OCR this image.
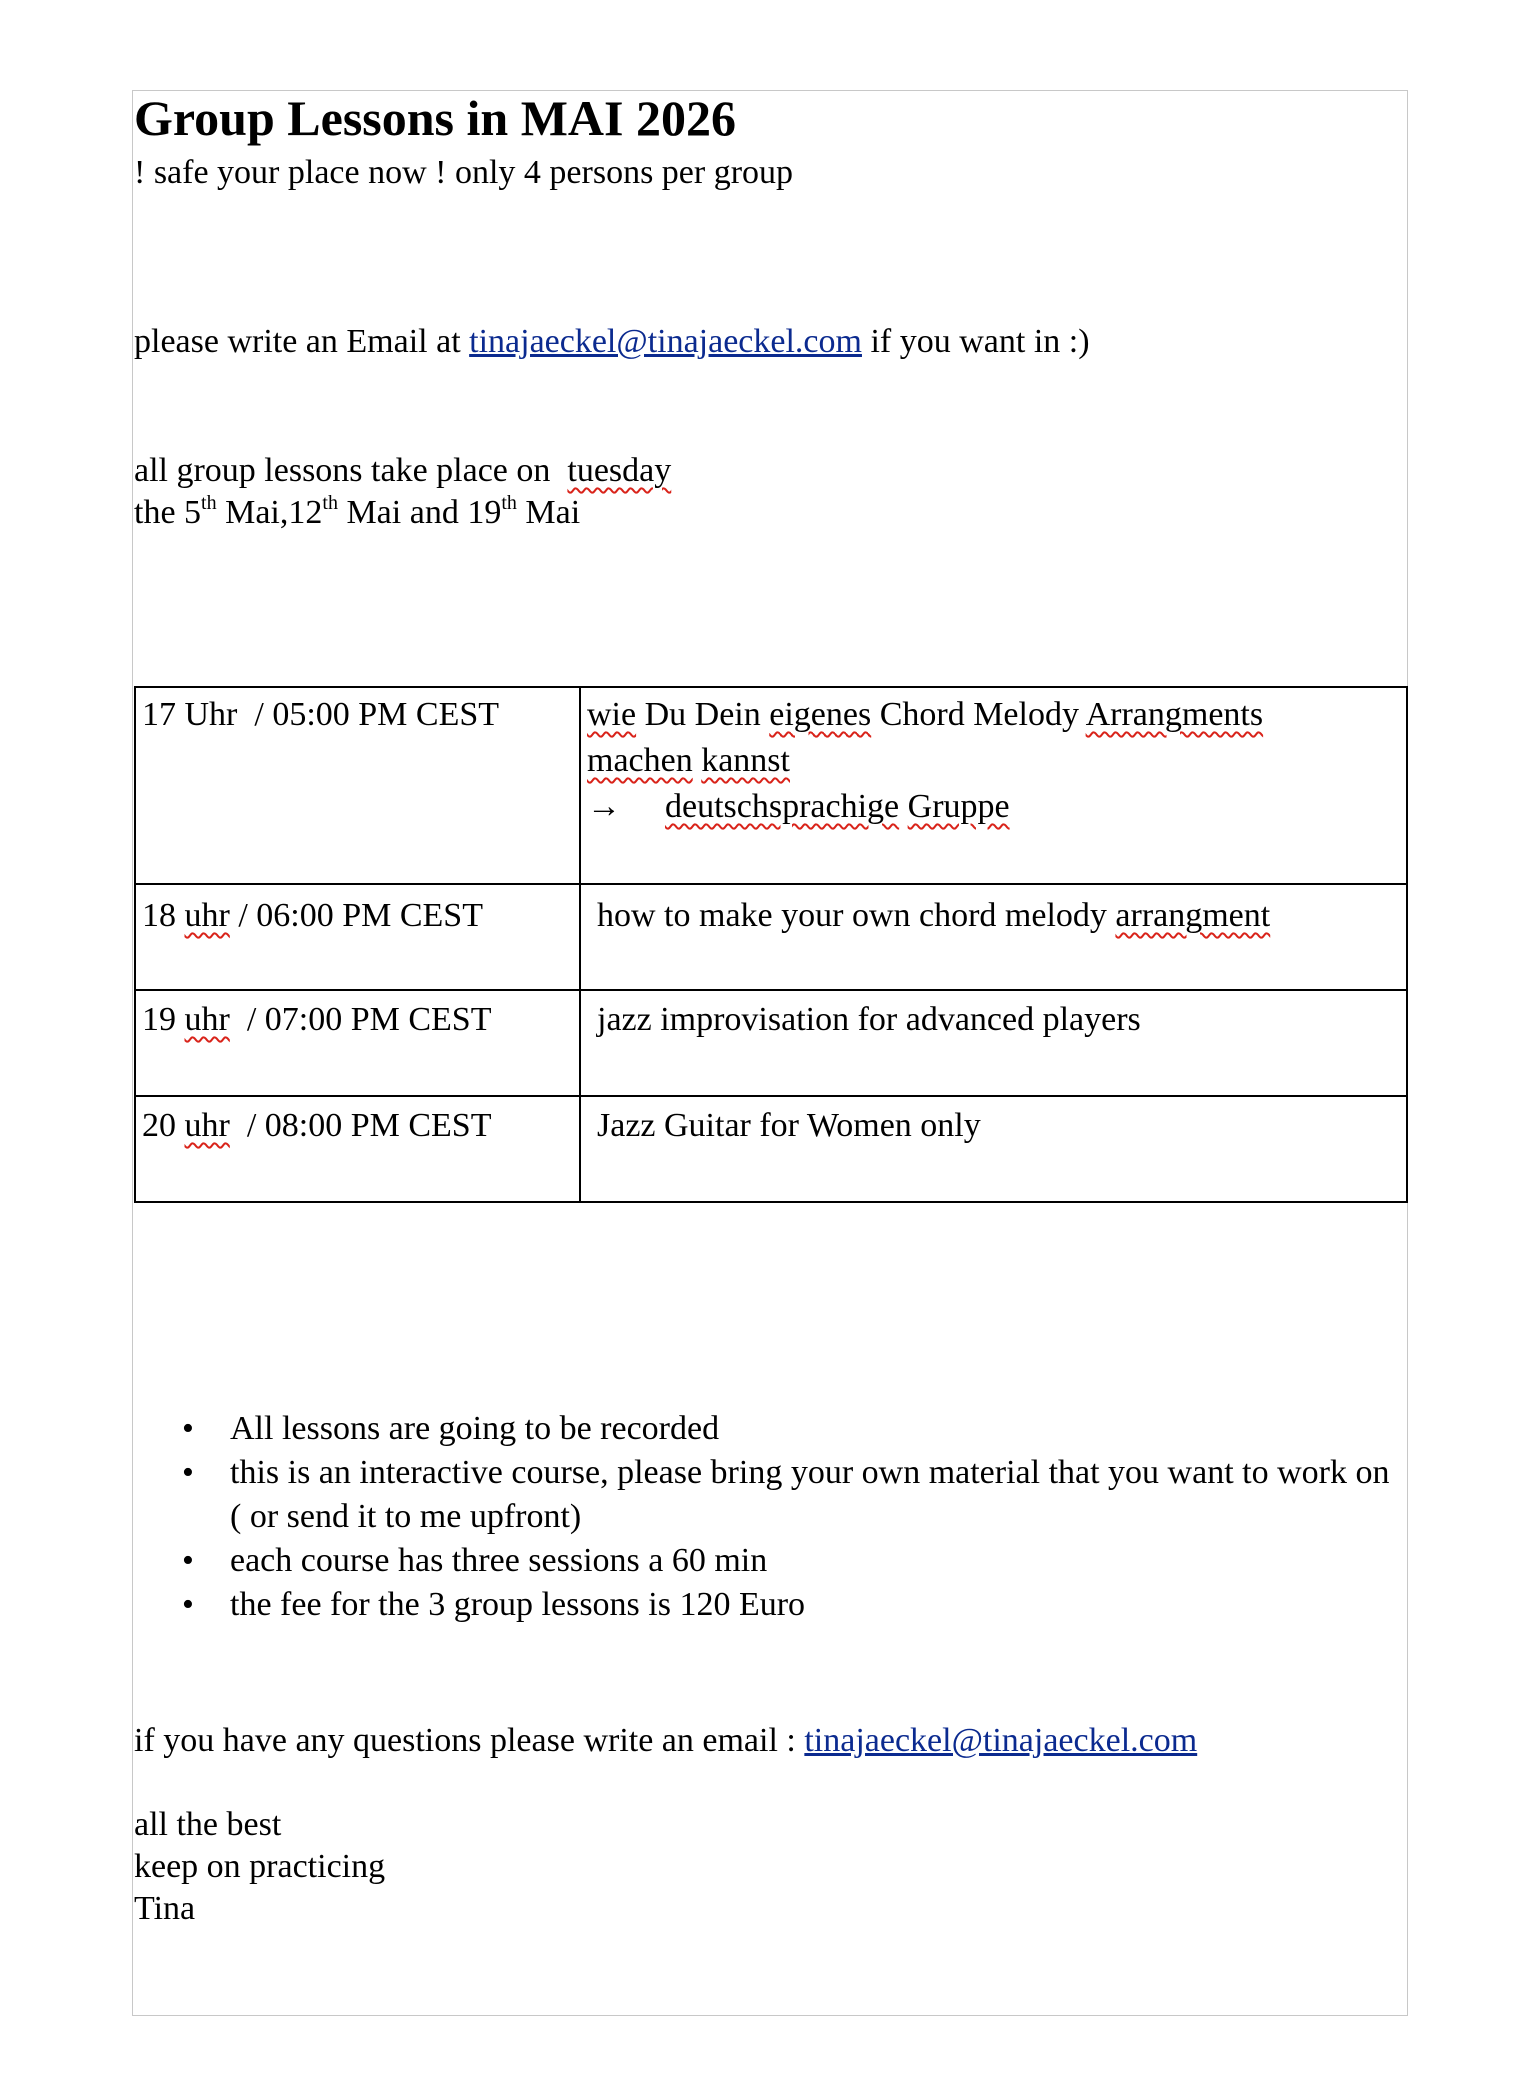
Group Lessons in MAI 2026
! safe your place now ! only 4 persons per group
please write an Email at tinajaeckel@tinajaeckel.com if you want in :)
all group lessons take place on  tuesday
the 5th Mai,12th Mai and 19th Mai
17 Uhr  / 05:00 PM CEST	wie Du Dein eigenes Chord Melody Arrangments
machen kannst
→ deutschsprachige Gruppe

18 uhr / 06:00 PM CEST	how to make your own chord melody arrangment

19 uhr  / 07:00 PM CEST	jazz improvisation for advanced players

20 uhr  / 08:00 PM CEST	Jazz Guitar for Women only
• All lessons are going to be recorded
• this is an interactive course, please bring your own material that you want to work on ( or send it to me upfront)
• each course has three sessions a 60 min
• the fee for the 3 group lessons is 120 Euro
if you have any questions please write an email : tinajaeckel@tinajaeckel.com
all the best
keep on practicing
Tina
